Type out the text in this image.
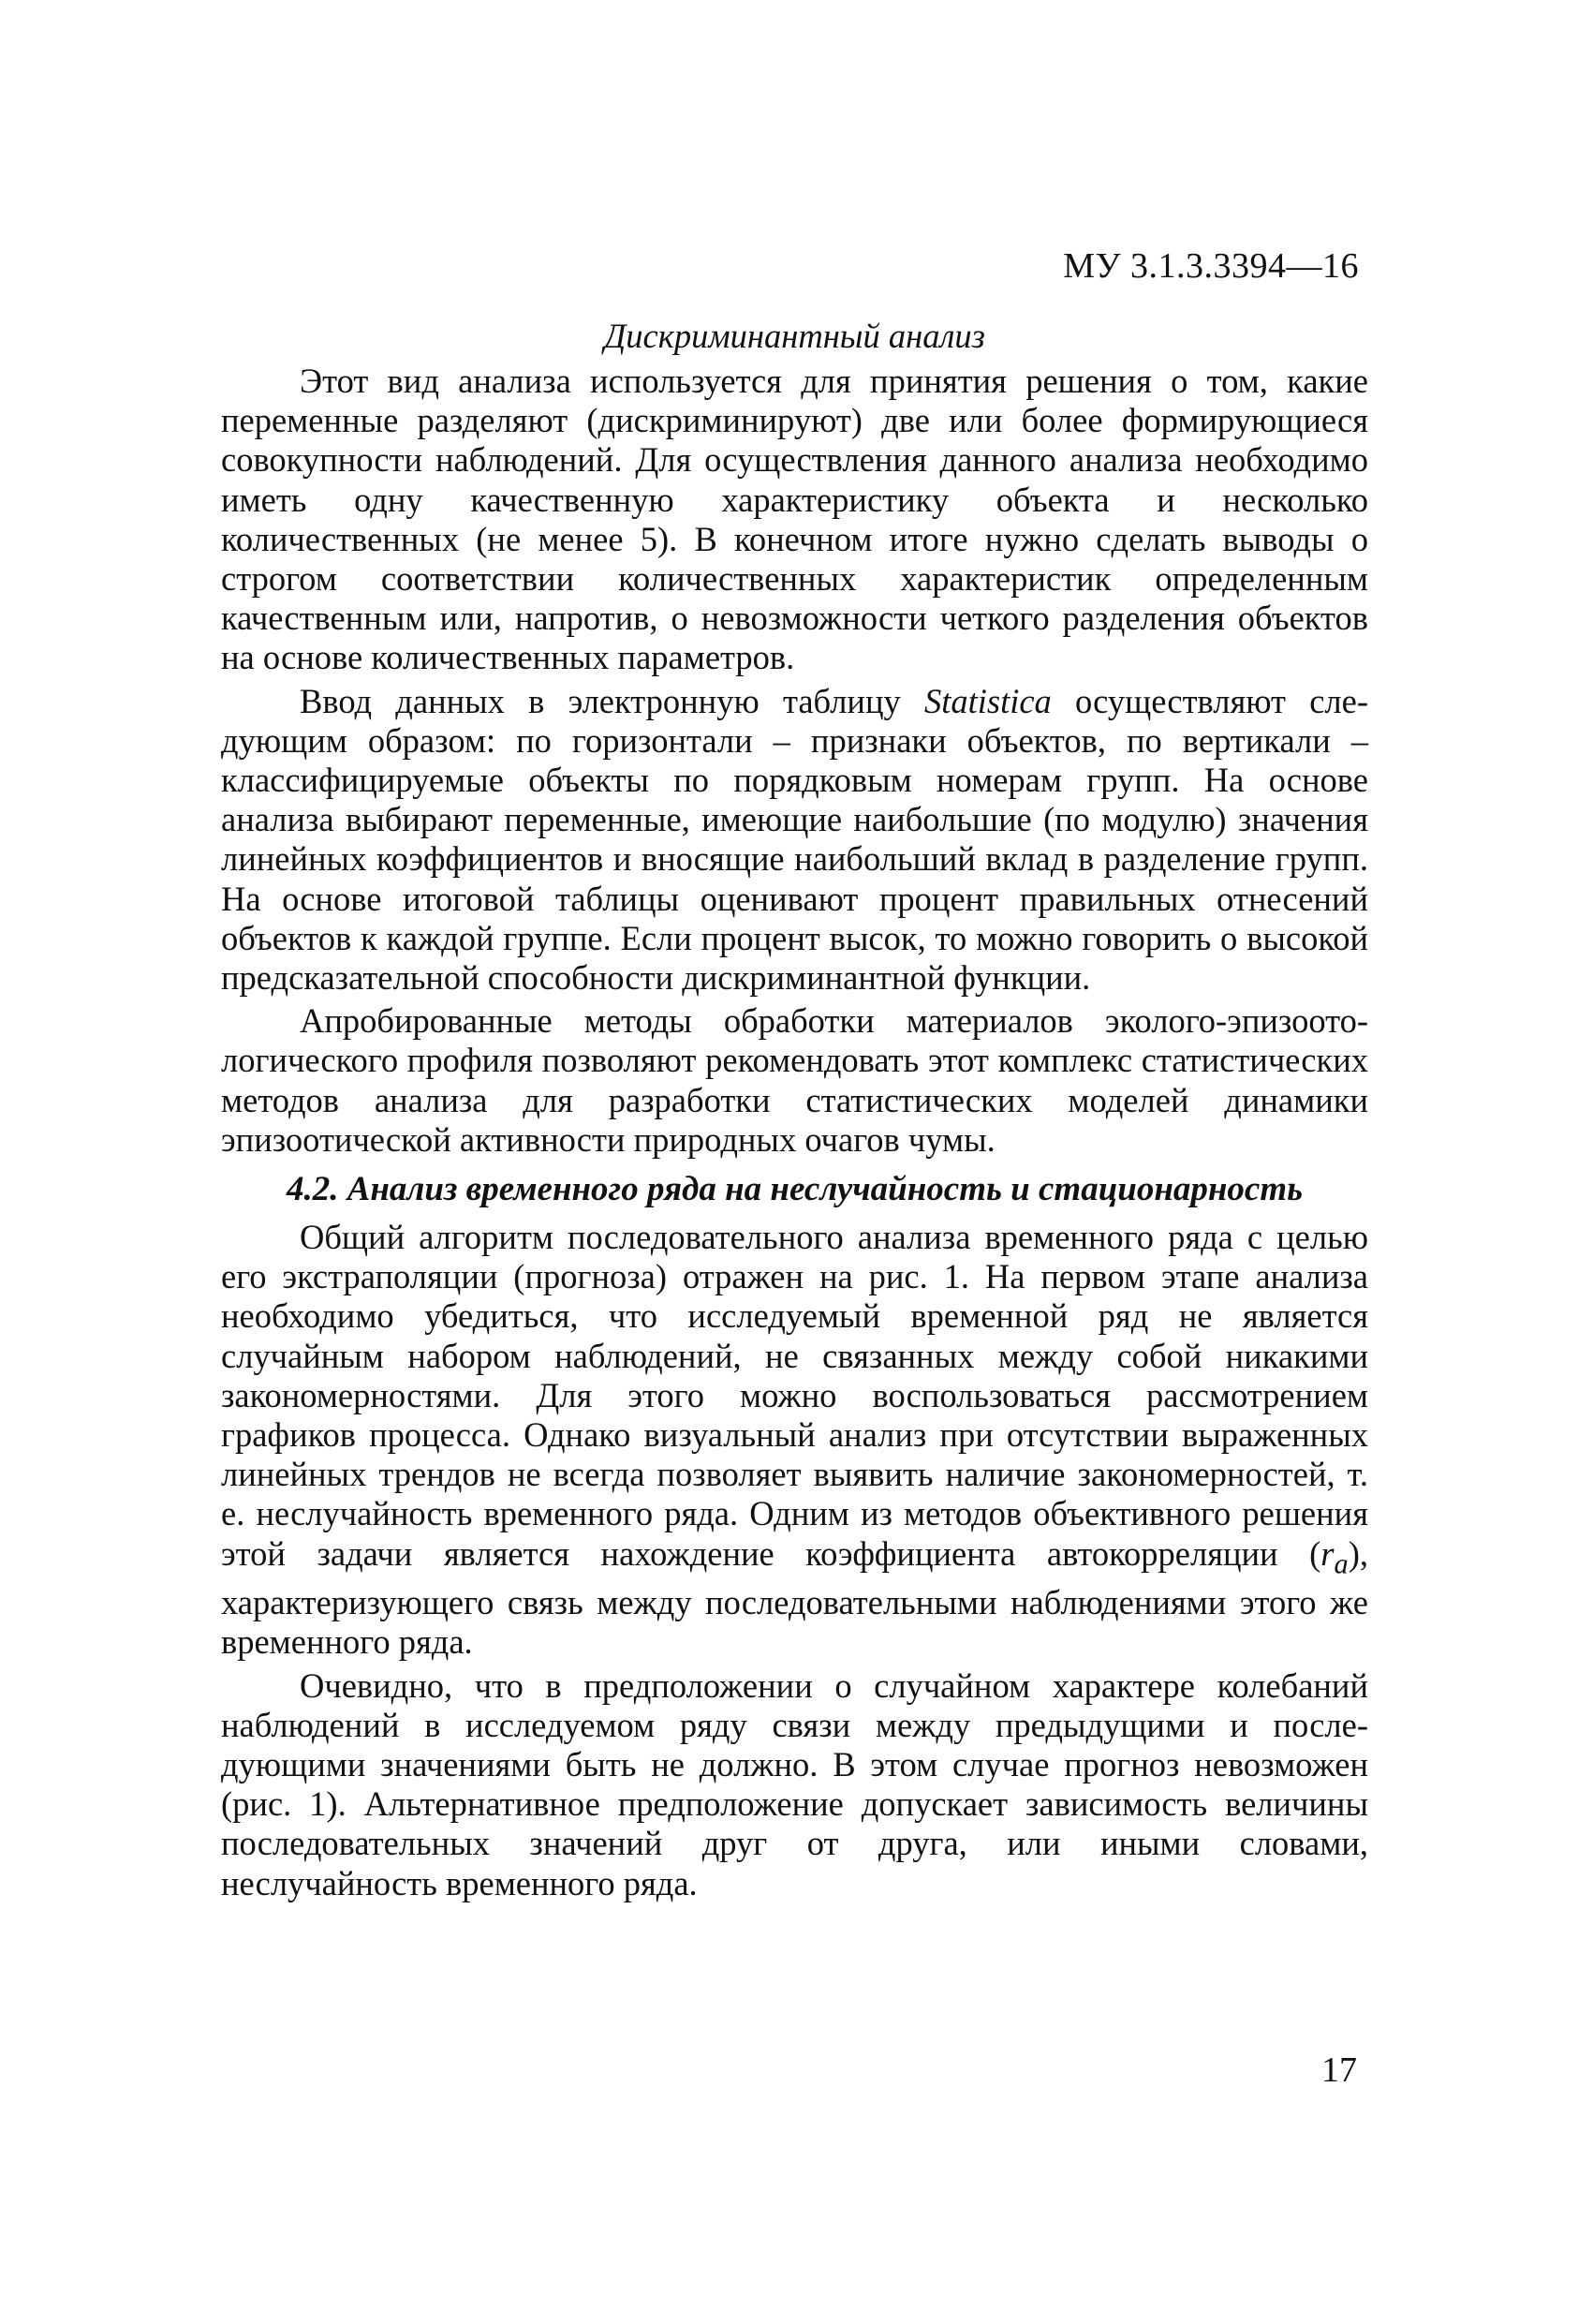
МУ 3.1.3.3394—16
Дискриминантный анализ

Этот вид анализа используется для принятия решения о том, какие переменные разделяют (дискриминируют) две или более формирующиеся совокупности наблюдений. Для осуществления данного анализа необходимо иметь одну качественную характеристику объекта и несколько количественных (не менее 5). В конечном итоге нужно сделать выводы о строгом соответствии количественных характеристик определенным качественным или, напротив, о невозможности четкого разделения объектов на основе количественных параметров.

Ввод данных в электронную таблицу Statistica осуществляют следующим образом: по горизонтали – признаки объектов, по вертикали – классифицируемые объекты по порядковым номерам групп. На основе анализа выбирают переменные, имеющие наибольшие (по модулю) значения линейных коэффициентов и вносящие наибольший вклад в разделение групп. На основе итоговой таблицы оценивают процент правильных отнесений объектов к каждой группе. Если процент высок, то можно говорить о высокой предсказательной способности дискриминантной функции.

Апробированные методы обработки материалов эколого-эпизоотологического профиля позволяют рекомендовать этот комплекс статистических методов анализа для разработки статистических моделей динамики эпизоотической активности природных очагов чумы.

4.2. Анализ временного ряда на неслучайность и стационарность

Общий алгоритм последовательного анализа временного ряда с целью его экстраполяции (прогноза) отражен на рис. 1. На первом этапе анализа необходимо убедиться, что исследуемый временной ряд не является случайным набором наблюдений, не связанных между собой никакими закономерностями. Для этого можно воспользоваться рассмотрением графиков процесса. Однако визуальный анализ при отсутствии выраженных линейных трендов не всегда позволяет выявить наличие закономерностей, т. е. неслучайность временного ряда. Одним из методов объективного решения этой задачи является нахождение коэффициента автокорреляции $(r_a)$, характеризующего связь между последовательными наблюдениями этого же временного ряда.

Очевидно, что в предположении о случайном характере колебаний наблюдений в исследуемом ряду связи между предыдущими и последующими значениями быть не должно. В этом случае прогноз невозможен (рис. 1). Альтернативное предположение допускает зависимость величины последовательных значений друг от друга, или иными словами, неслучайность временного ряда.

17
